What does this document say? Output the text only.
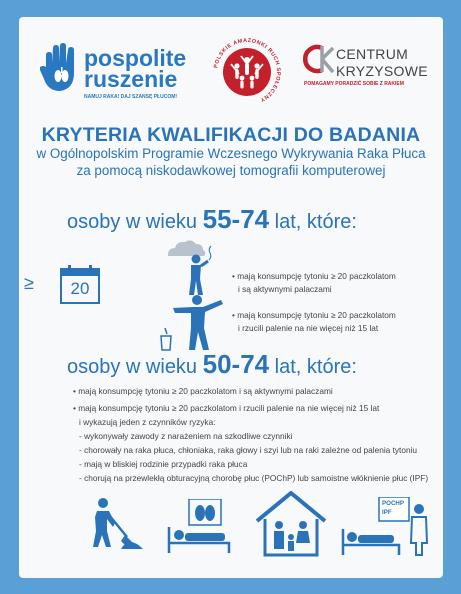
pospolite
ruszenie
NAMUJ RAKA! DAJ SZANSĘ PŁUCOM!
POLSKIE AMAZONKI RUCH SPOŁECZNY
CENTRUM
KRYZYSOWE
POMAGAMY PORADZIĆ SOBIE Z RAKIEM
KRYTERIA KWALIFIKACJI DO BADANIA
w Ogólnopolskim Programie Wczesnego Wykrywania Raka Płuca
za pomocą niskodawkowej tomografii komputerowej
osoby w wieku 55-74 lat, które:
≥	20
• mają konsumpcję tytoniu ≥ 20 paczkolatom
i są aktywnymi palaczami
• mają konsumpcję tytoniu ≥ 20 paczkolatom
i rzucili palenie na nie więcej niż 15 lat
osoby w wieku 50-74 lat, które:
• mają konsumpcję tytoniu ≥ 20 paczkolatom i są aktywnymi palaczami
• mają konsumpcję tytoniu ≥ 20 paczkolatom i rzucili palenie na nie więcej niż 15 lat
i wykazują jeden z czynników ryzyka:
- wykonywały zawody z narażeniem na szkodliwe czynniki
- chorowały na raka płuca, chłoniaka, raka głowy i szyi lub na raki zależne od palenia tytoniu
- mają w bliskiej rodzinie przypadki raka płuca
- chorują na przewlekłą obturacyjną chorobę płuc (POChP) lub samoistne włóknienie płuc (IPF)
POCHP
IPF
